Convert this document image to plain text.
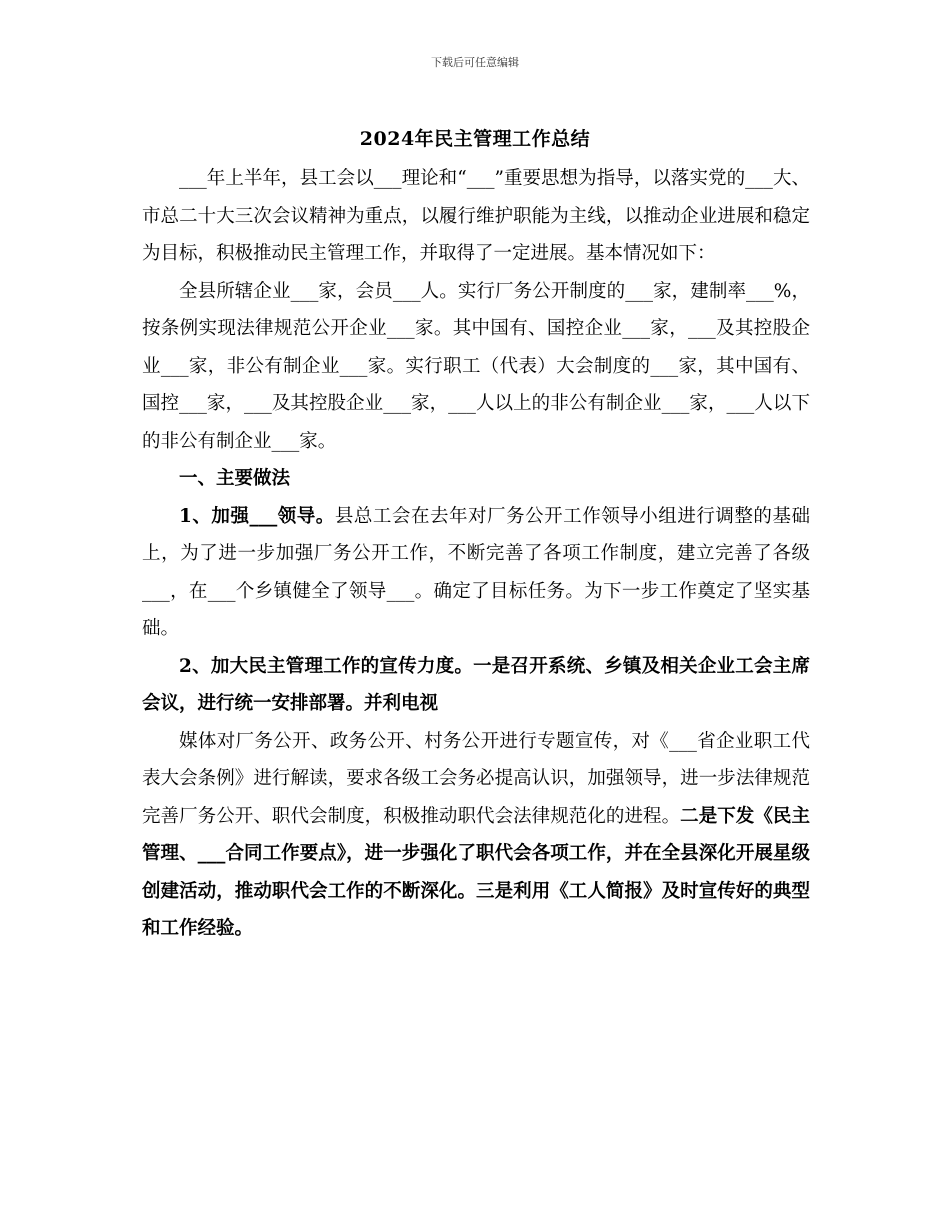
下载后可任意编辑
2024年民主管理工作总结

___年上半年，县工会以___理论和“___”重要思想为指导，以落实党的___大、市总二十大三次会议精神为重点，以履行维护职能为主线，以推动企业进展和稳定为目标，积极推动民主管理工作，并取得了一定进展。基本情况如下：

全县所辖企业___家，会员___人。实行厂务公开制度的___家，建制率___%，按条例实现法律规范公开企业___家。其中国有、国控企业___家，___及其控股企业___家，非公有制企业___家。实行职工（代表）大会制度的___家，其中国有、国控___家，___及其控股企业___家，___人以上的非公有制企业___家，___人以下的非公有制企业___家。

一、主要做法

1、加强___领导。县总工会在去年对厂务公开工作领导小组进行调整的基础上，为了进一步加强厂务公开工作，不断完善了各项工作制度，建立完善了各级___，在___个乡镇健全了领导___。确定了目标任务。为下一步工作奠定了坚实基础。

2、加大民主管理工作的宣传力度。一是召开系统、乡镇及相关企业工会主席会议，进行统一安排部署。并利电视

媒体对厂务公开、政务公开、村务公开进行专题宣传，对《___省企业职工代表大会条例》进行解读，要求各级工会务必提高认识，加强领导，进一步法律规范完善厂务公开、职代会制度，积极推动职代会法律规范化的进程。二是下发《民主管理、___合同工作要点》，进一步强化了职代会各项工作，并在全县深化开展星级创建活动，推动职代会工作的不断深化。三是利用《工人简报》及时宣传好的典型和工作经验。
